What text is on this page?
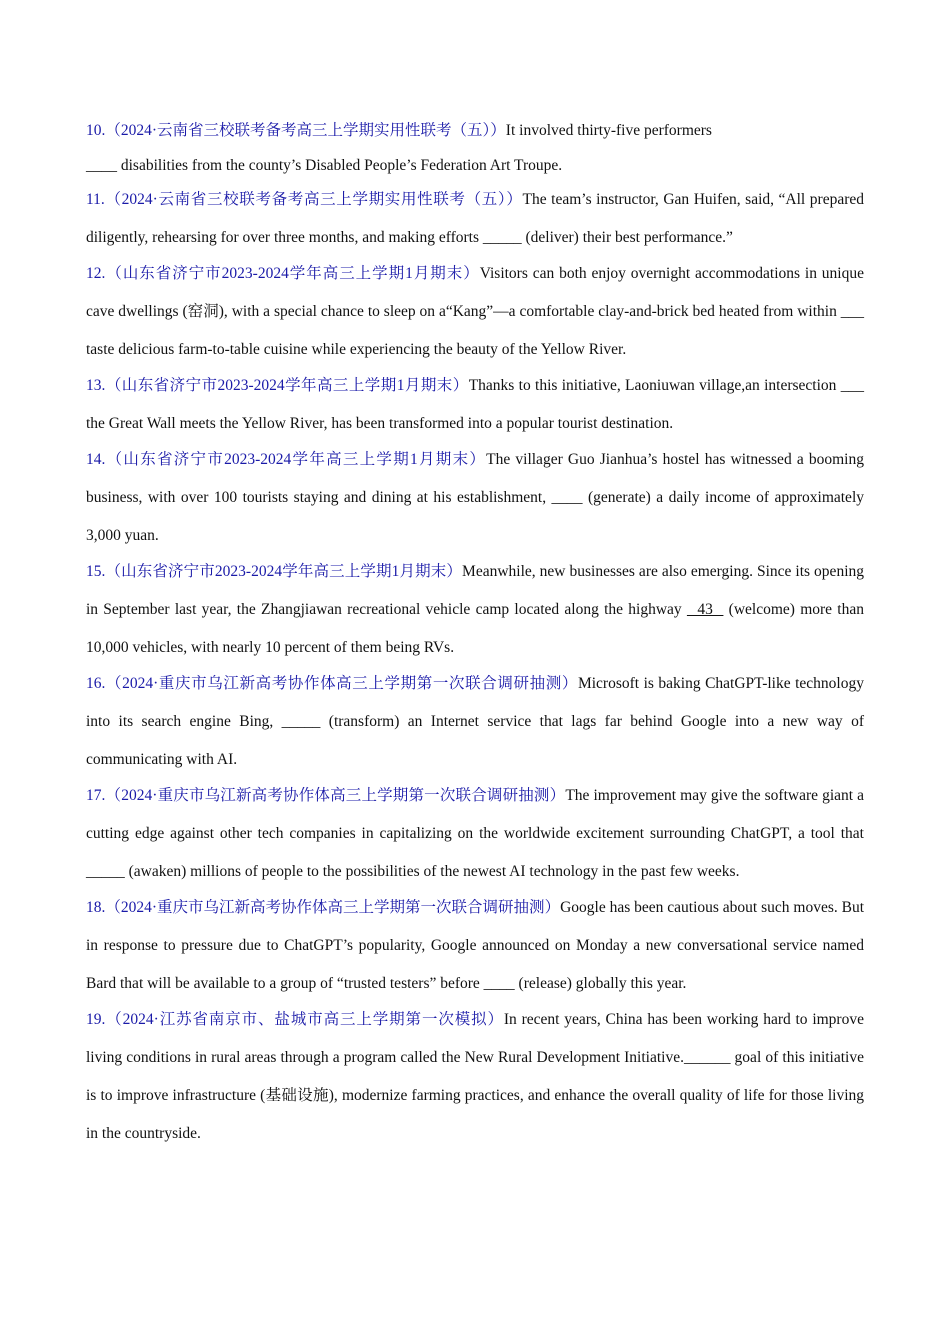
10.（2024·云南省三校联考备考高三上学期实用性联考（五））It involved thirty-five performers
____ disabilities from the county’s Disabled People’s Federation Art Troupe.

11.（2024·云南省三校联考备考高三上学期实用性联考（五））The team’s instructor, Gan Huifen, said, “All prepared diligently, rehearsing for over three months, and making efforts _____ (deliver) their best performance.”

12.（山东省济宁市2023-2024学年高三上学期1月期末）Visitors can both enjoy overnight accommodations in unique cave dwellings (窑洞), with a special chance to sleep on a“Kang”—a comfortable clay-and-brick bed heated from within ___ taste delicious farm-to-table cuisine while experiencing the beauty of the Yellow River.

13.（山东省济宁市2023-2024学年高三上学期1月期末）Thanks to this initiative, Laoniuwan village,an intersection ___ the Great Wall meets the Yellow River, has been transformed into a popular tourist destination.

14.（山东省济宁市2023-2024学年高三上学期1月期末）The villager Guo Jianhua’s hostel has witnessed a booming business, with over 100 tourists staying and dining at his establishment, ____ (generate) a daily income of approximately 3,000 yuan.

15.（山东省济宁市2023-2024学年高三上学期1月期末）Meanwhile, new businesses are also emerging. Since its opening in September last year, the Zhangjiawan recreational vehicle camp located along the highway   43   (welcome) more than 10,000 vehicles, with nearly 10 percent of them being RVs.

16.（2024·重庆市乌江新高考协作体高三上学期第一次联合调研抽测）Microsoft is baking ChatGPT-like technology into its search engine Bing, _____ (transform) an Internet service that lags far behind Google into a new way of communicating with AI.

17.（2024·重庆市乌江新高考协作体高三上学期第一次联合调研抽测）The improvement may give the software giant a cutting edge against other tech companies in capitalizing on the worldwide excitement surrounding ChatGPT, a tool that _____ (awaken) millions of people to the possibilities of the newest AI technology in the past few weeks.

18.（2024·重庆市乌江新高考协作体高三上学期第一次联合调研抽测）Google has been cautious about such moves. But in response to pressure due to ChatGPT’s popularity, Google announced on Monday a new conversational service named Bard that will be available to a group of “trusted testers” before ____ (release) globally this year.

19.（2024·江苏省南京市、盐城市高三上学期第一次模拟）In recent years, China has been working hard to improve living conditions in rural areas through a program called the New Rural Development Initiative.______ goal of this initiative is to improve infrastructure (基础设施), modernize farming practices, and enhance the overall quality of life for those living in the countryside.
